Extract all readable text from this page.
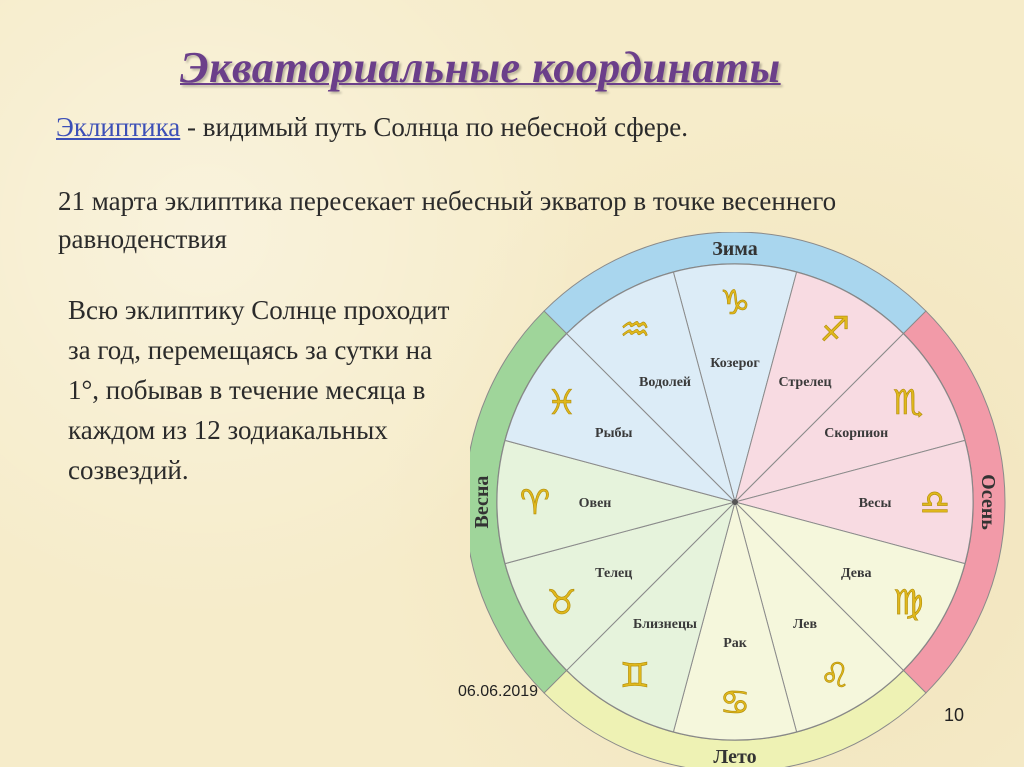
Экваториальные координаты
Эклиптика - видимый путь Солнца по небесной сфере.
21 марта эклиптика пересекает небесный экватор в точке весеннего равноденствия
Всю эклиптику Солнце проходит за год, перемещаясь за сутки на 1°, побывав в течение месяца в каждом из 12 зодиакальных созвездий.
♑
Козерог
♐
Стрелец
♏
Скорпион
♎
Весы
♍
Дева
♌
Лев
♋
Рак
♊
Близнецы
♉
Телец
♈ Овен
♓
Рыбы
♒
Водолей
Зима
Осень
Лето
Весна
06.06.2019
10
